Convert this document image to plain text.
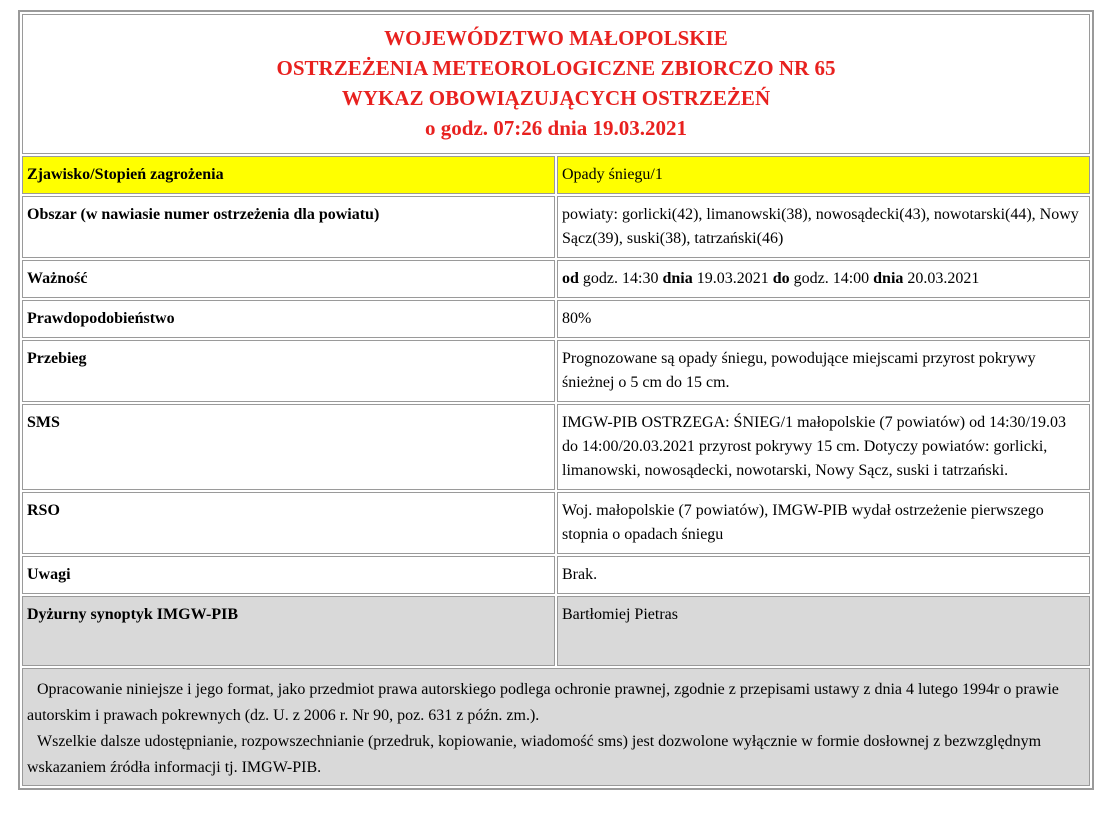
WOJEWÓDZTWO MAŁOPOLSKIE
OSTRZEŻENIA METEOROLOGICZNE ZBIORCZO NR 65
WYKAZ OBOWIĄZUJĄCYCH OSTRZEŻEŃ
o godz. 07:26 dnia 19.03.2021	

Zjawisko/Stopień zagrożenia	Opady śniegu/1
Obszar (w nawiasie numer ostrzeżenia dla powiatu)	powiaty: gorlicki(42), limanowski(38), nowosądecki(43), nowotarski(44), Nowy Sącz(39), suski(38), tatrzański(46)
Ważność	od godz. 14:30 dnia 19.03.2021 do godz. 14:00 dnia 20.03.2021
Prawdopodobieństwo	80%
Przebieg	Prognozowane są opady śniegu, powodujące miejscami przyrost pokrywy śnieżnej o 5 cm do 15 cm.
SMS	IMGW-PIB OSTRZEGA: ŚNIEG/1 małopolskie (7 powiatów) od 14:30/19.03 do 14:00/20.03.2021 przyrost pokrywy 15 cm. Dotyczy powiatów: gorlicki, limanowski, nowosądecki, nowotarski, Nowy Sącz, suski i tatrzański.
RSO	Woj. małopolskie (7 powiatów), IMGW-PIB wydał ostrzeżenie pierwszego stopnia o opadach śniegu
Uwagi	Brak.
Dyżurny synoptyk IMGW-PIB	Bartłomiej Pietras

Opracowanie niniejsze i jego format, jako przedmiot prawa autorskiego podlega ochronie prawnej, zgodnie z przepisami ustawy z dnia 4 lutego 1994r o prawie autorskim i prawach pokrewnych (dz. U. z 2006 r. Nr 90, poz. 631 z późn. zm.).

Wszelkie dalsze udostępnianie, rozpowszechnianie (przedruk, kopiowanie, wiadomość sms) jest dozwolone wyłącznie w formie dosłownej z bezwzględnym wskazaniem źródła informacji tj. IMGW-PIB.	
